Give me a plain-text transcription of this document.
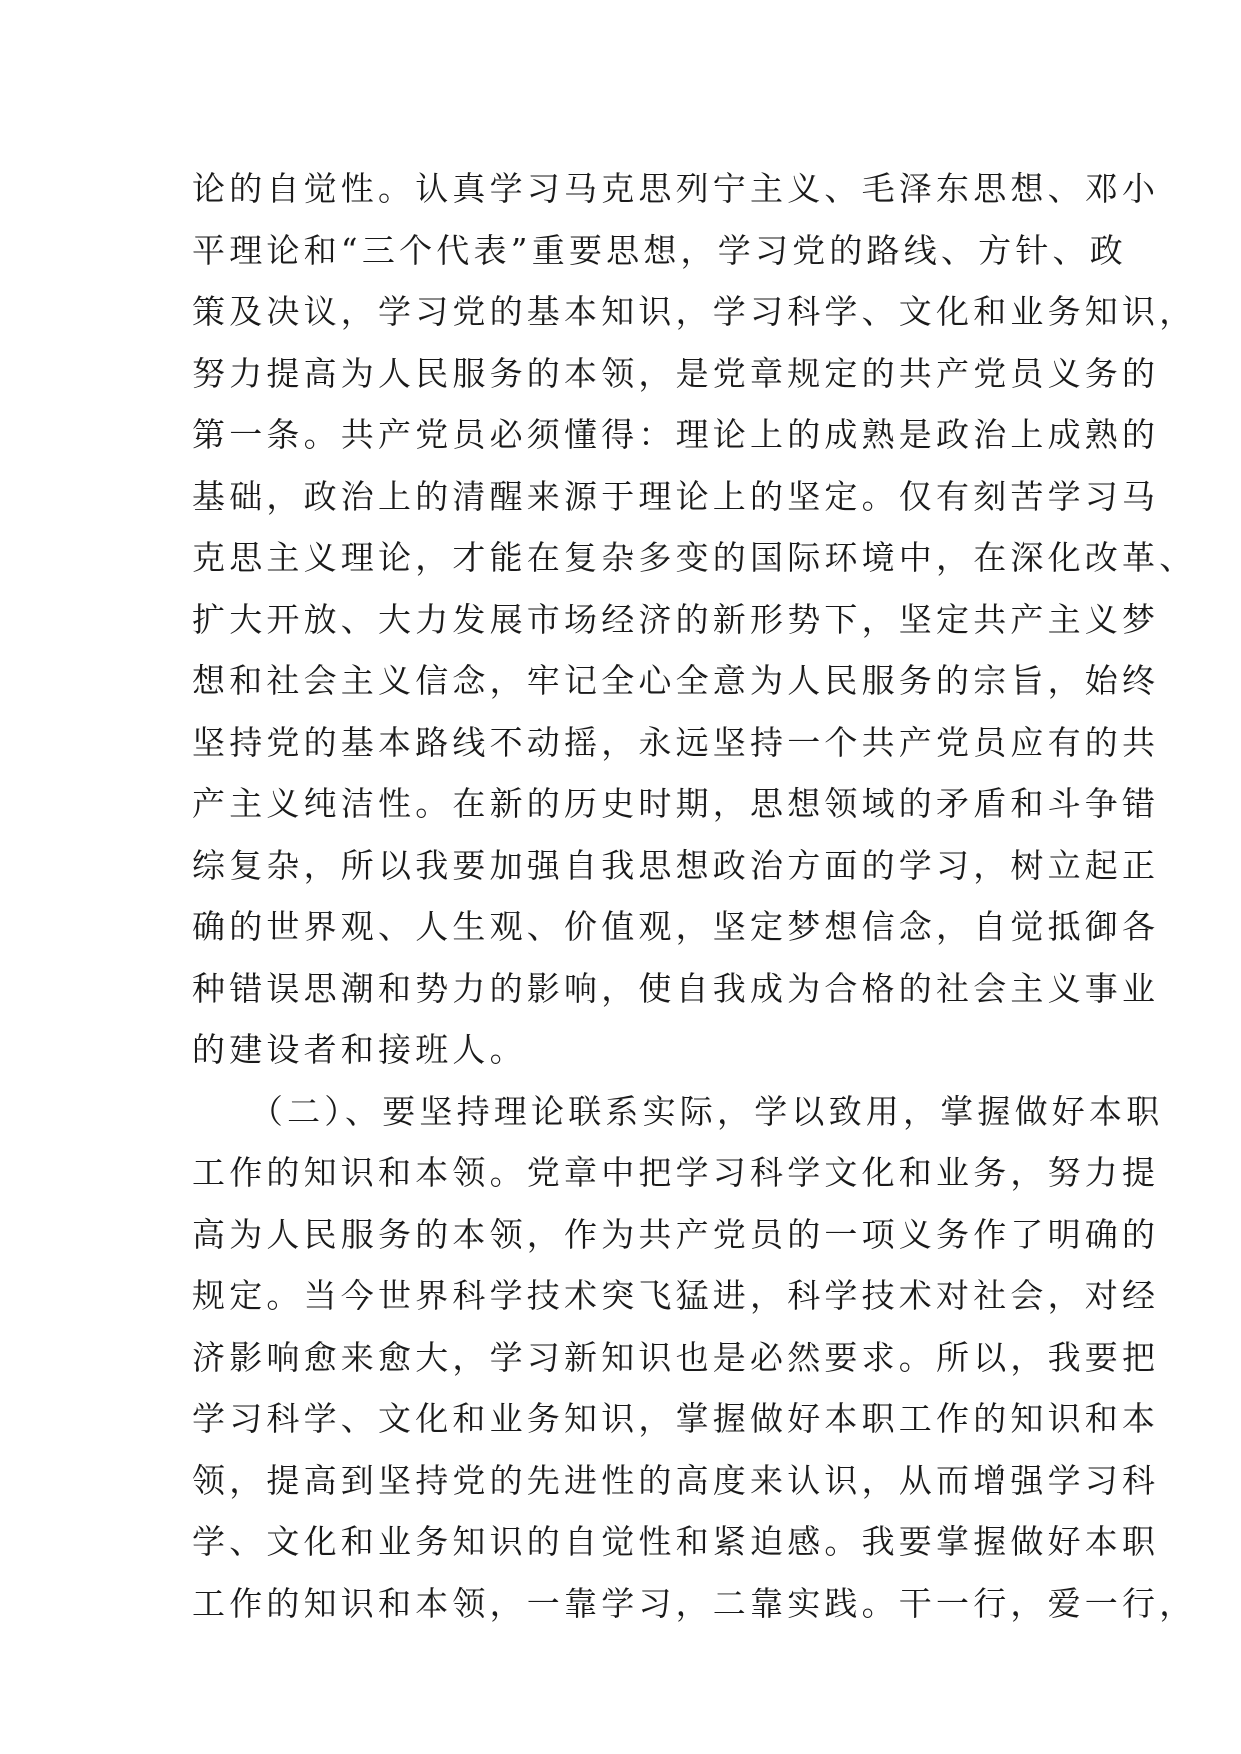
论的自觉性。认真学习马克思列宁主义、毛泽东思想、邓小
平理论和“三个代表”重要思想，学习党的路线、方针、政
策及决议，学习党的基本知识，学习科学、文化和业务知识，
努力提高为人民服务的本领，是党章规定的共产党员义务的
第一条。共产党员必须懂得：理论上的成熟是政治上成熟的
基础，政治上的清醒来源于理论上的坚定。仅有刻苦学习马
克思主义理论，才能在复杂多变的国际环境中，在深化改革、
扩大开放、大力发展市场经济的新形势下，坚定共产主义梦
想和社会主义信念，牢记全心全意为人民服务的宗旨，始终
坚持党的基本路线不动摇，永远坚持一个共产党员应有的共
产主义纯洁性。在新的历史时期，思想领域的矛盾和斗争错
综复杂，所以我要加强自我思想政治方面的学习，树立起正
确的世界观、人生观、价值观，坚定梦想信念，自觉抵御各
种错误思潮和势力的影响，使自我成为合格的社会主义事业
的建设者和接班人。
　　（二）、要坚持理论联系实际，学以致用，掌握做好本职
工作的知识和本领。党章中把学习科学文化和业务，努力提
高为人民服务的本领，作为共产党员的一项义务作了明确的
规定。当今世界科学技术突飞猛进，科学技术对社会，对经
济影响愈来愈大，学习新知识也是必然要求。所以，我要把
学习科学、文化和业务知识，掌握做好本职工作的知识和本
领，提高到坚持党的先进性的高度来认识，从而增强学习科
学、文化和业务知识的自觉性和紧迫感。我要掌握做好本职
工作的知识和本领，一靠学习，二靠实践。干一行，爱一行，
